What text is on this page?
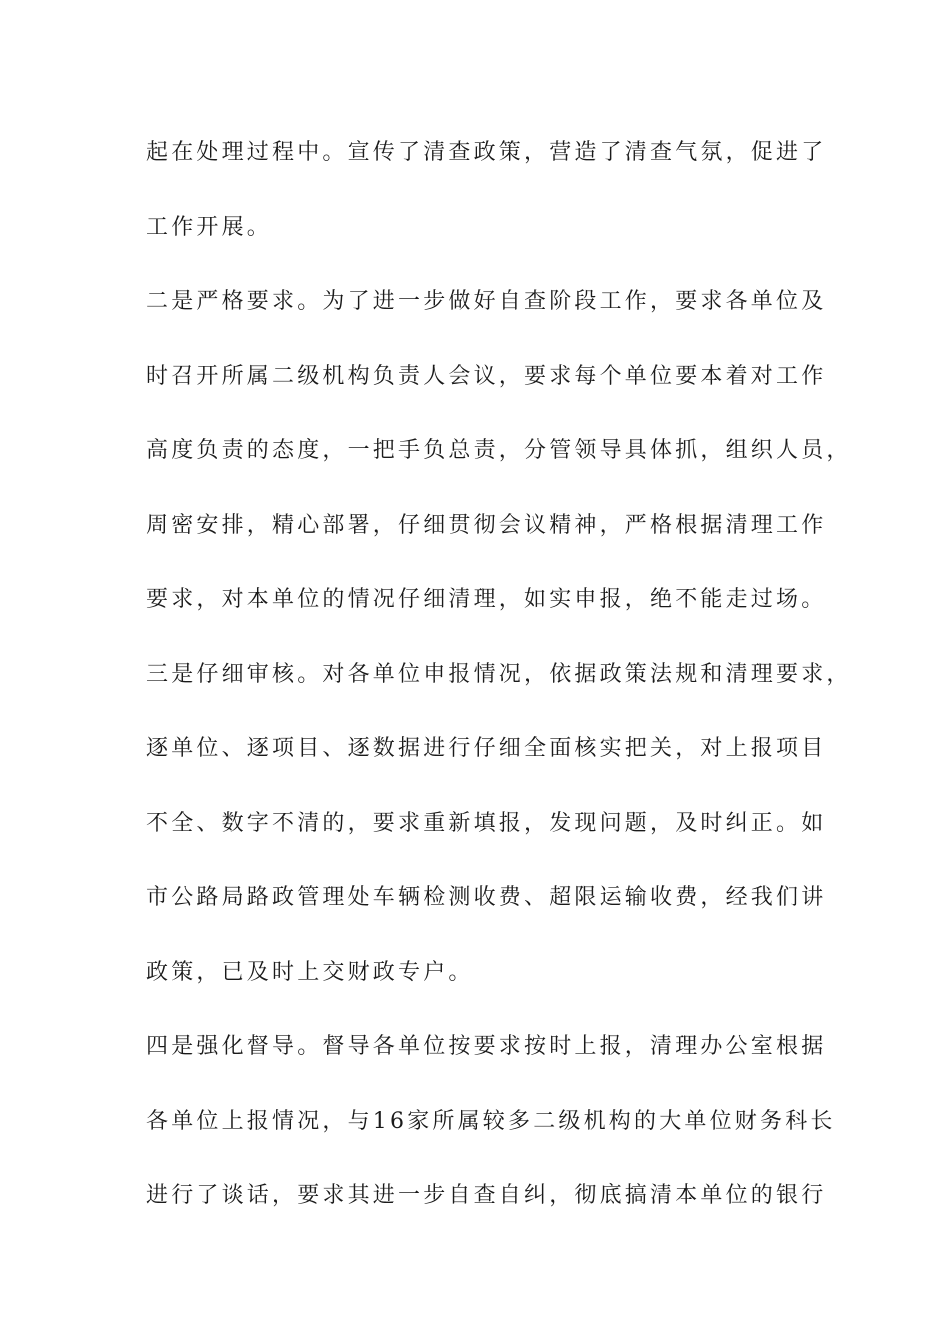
起在处理过程中。宣传了清查政策，营造了清查气氛，促进了
工作开展。
二是严格要求。为了进一步做好自查阶段工作，要求各单位及
时召开所属二级机构负责人会议，要求每个单位要本着对工作
高度负责的态度，一把手负总责，分管领导具体抓，组织人员，
周密安排，精心部署，仔细贯彻会议精神，严格根据清理工作
要求，对本单位的情况仔细清理，如实申报，绝不能走过场。
三是仔细审核。对各单位申报情况，依据政策法规和清理要求，
逐单位、逐项目、逐数据进行仔细全面核实把关，对上报项目
不全、数字不清的，要求重新填报，发现问题，及时纠正。如
市公路局路政管理处车辆检测收费、超限运输收费，经我们讲
政策，已及时上交财政专户。
四是强化督导。督导各单位按要求按时上报，清理办公室根据
各单位上报情况，与16家所属较多二级机构的大单位财务科长
进行了谈话，要求其进一步自查自纠，彻底搞清本单位的银行
